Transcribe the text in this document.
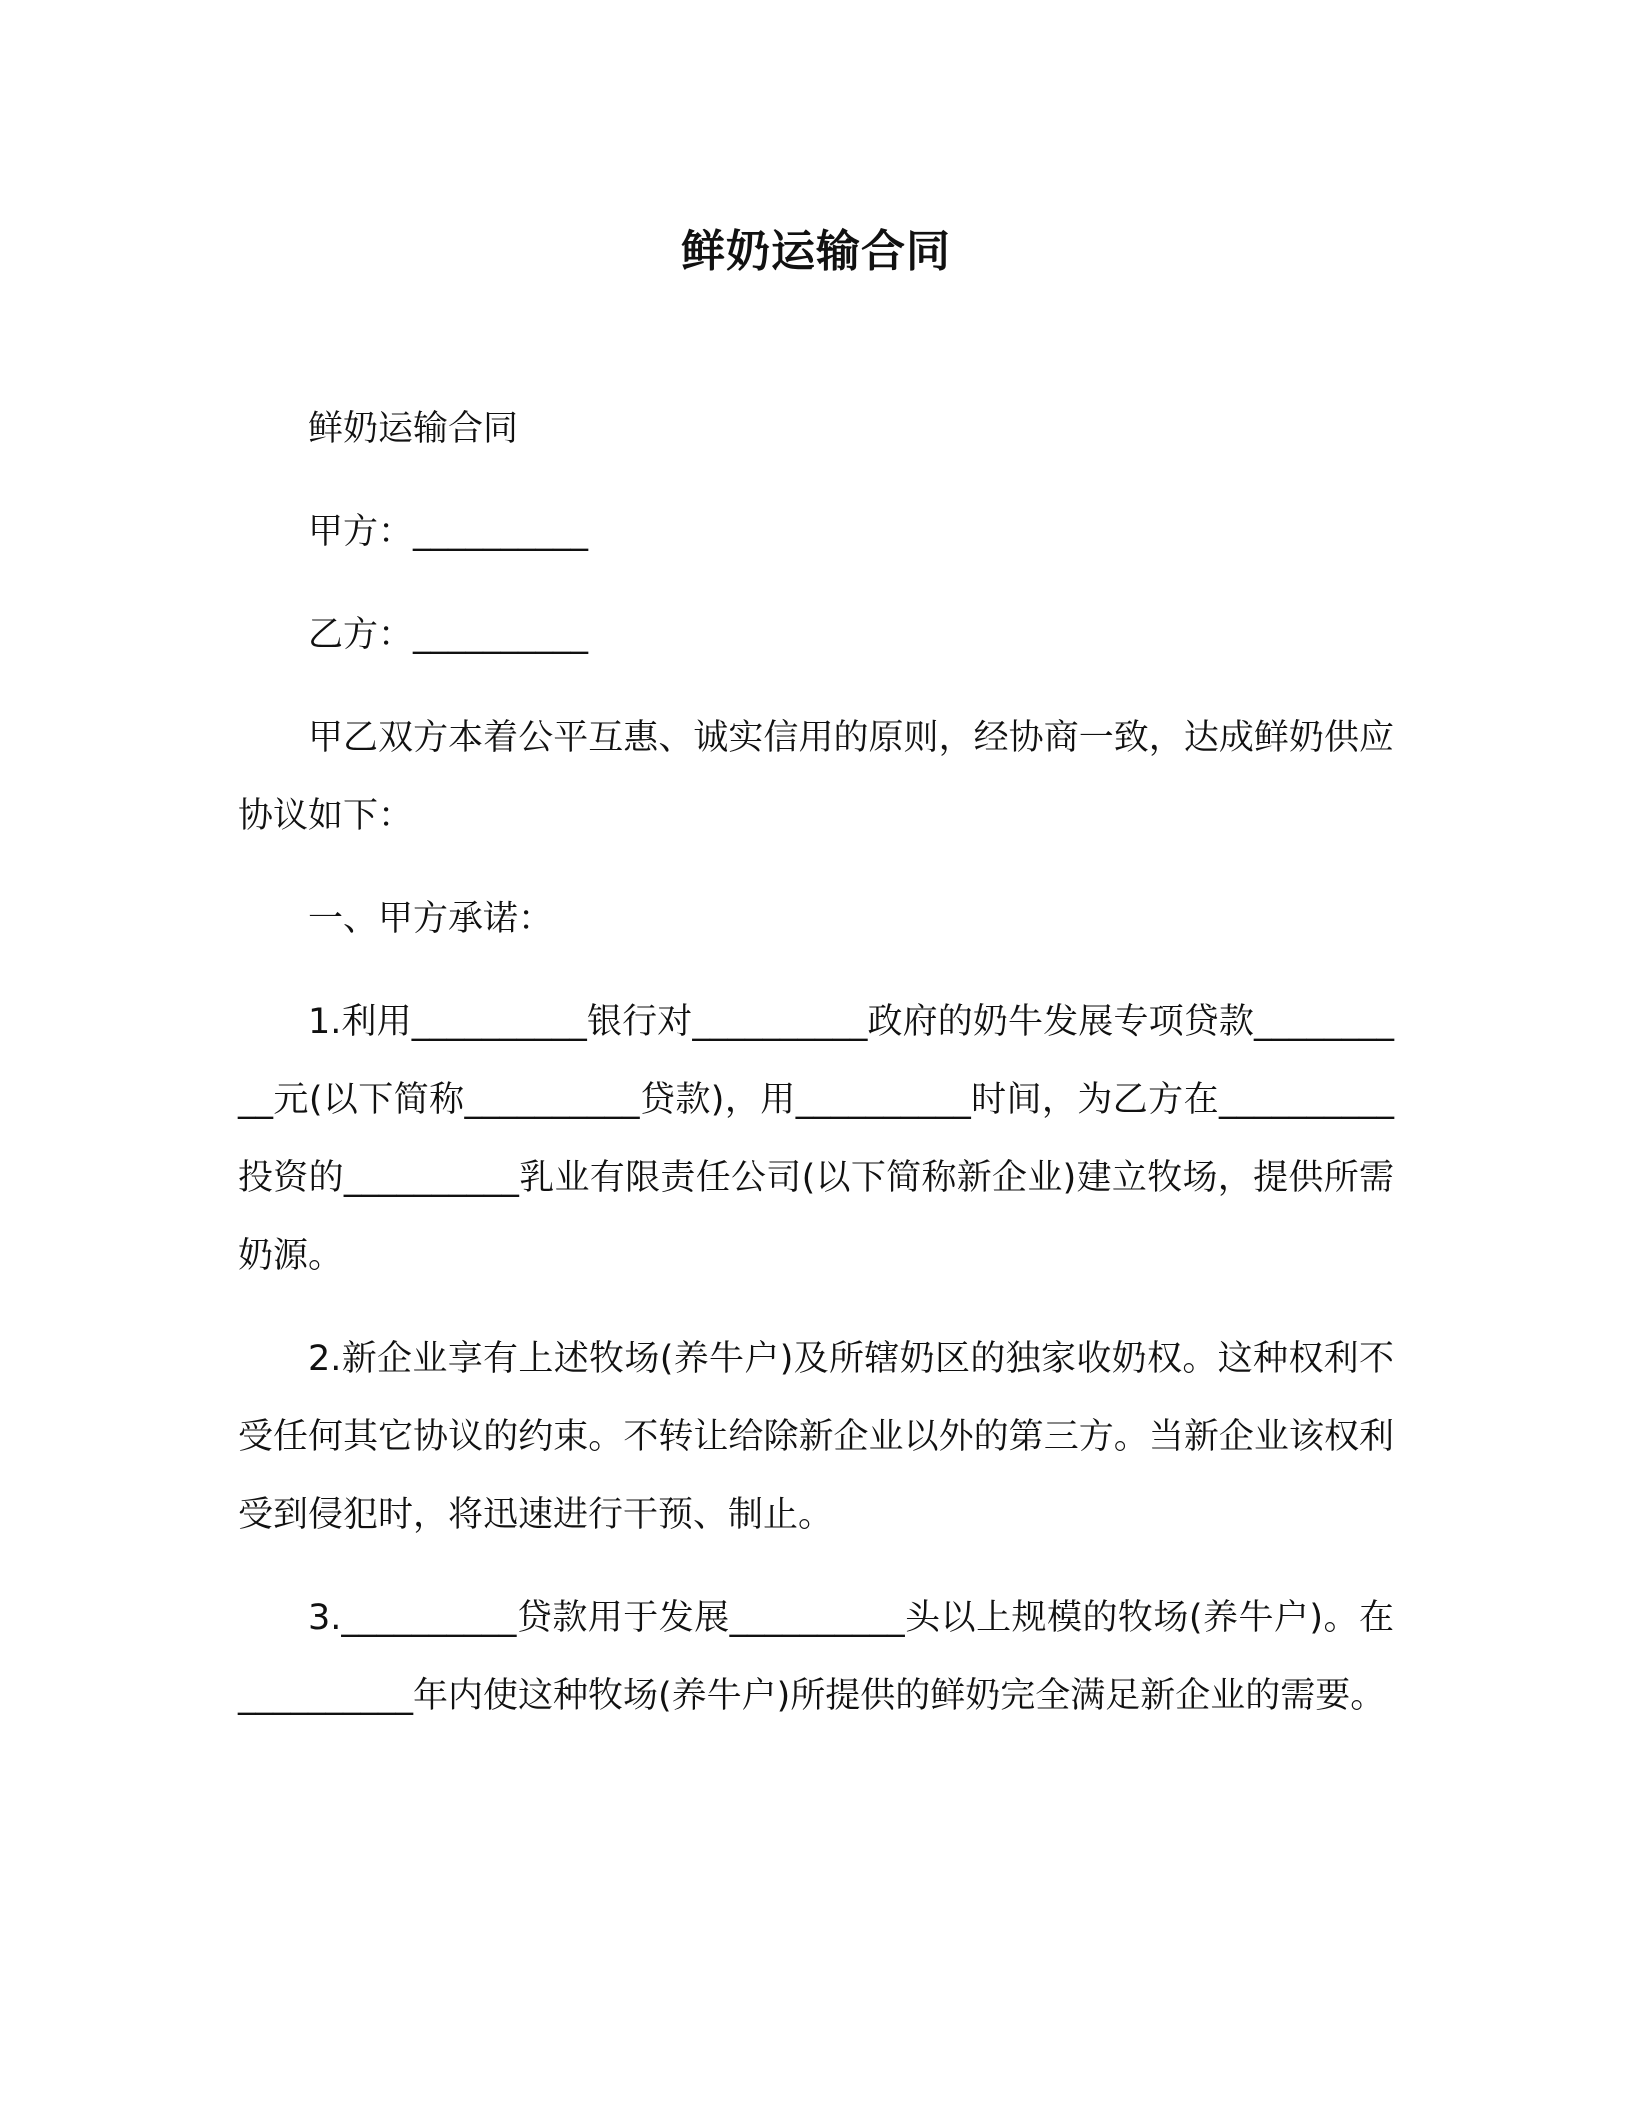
鲜奶运输合同

鲜奶运输合同

甲方：__________

乙方：__________

甲乙双方本着公平互惠、诚实信用的原则，经协商一致，达成鲜奶供应协议如下：

一、甲方承诺：

1.利用__________银行对__________政府的奶牛发展专项贷款__________元(以下简称__________贷款)，用__________时间，为乙方在__________投资的__________乳业有限责任公司(以下简称新企业)建立牧场，提供所需奶源。

2.新企业享有上述牧场(养牛户)及所辖奶区的独家收奶权。这种权利不受任何其它协议的约束。不转让给除新企业以外的第三方。当新企业该权利受到侵犯时，将迅速进行干预、制止。

3.__________贷款用于发展__________头以上规模的牧场(养牛户)。在__________年内使这种牧场(养牛户)所提供的鲜奶完全满足新企业的需要。
